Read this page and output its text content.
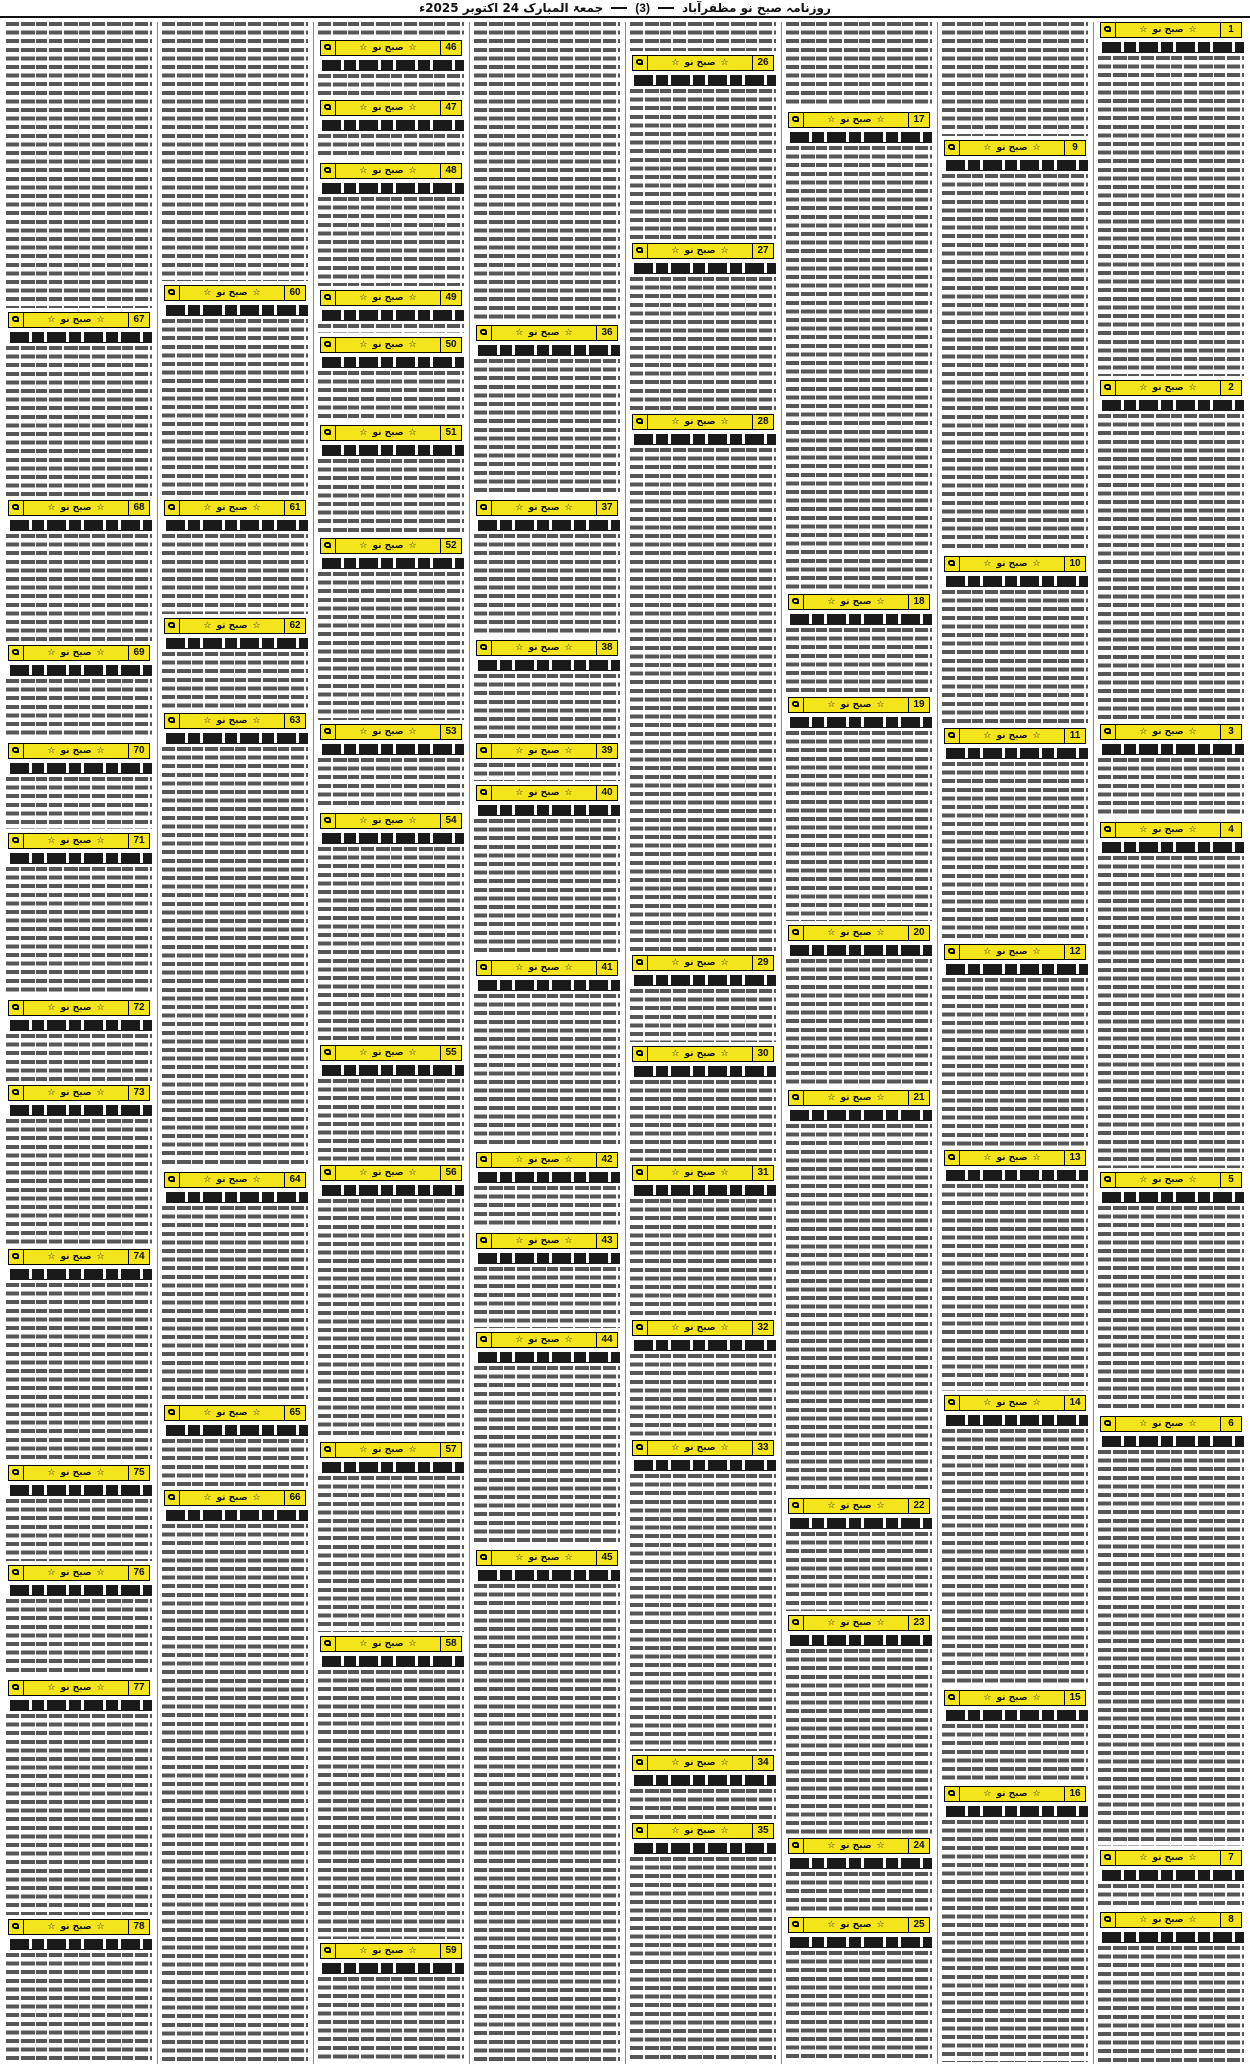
روزنامہ صبح نو مظفرآباد
(3)
جمعۃ المبارک 24 اکتوبر 2025ء
1
☆
صبح نو
☆
2
☆
صبح نو
☆
3
☆
صبح نو
☆
4
☆
صبح نو
☆
5
☆
صبح نو
☆
6
☆
صبح نو
☆
7
☆
صبح نو
☆
8
☆
صبح نو
☆
9
☆
صبح نو
☆
10
☆
صبح نو
☆
11
☆
صبح نو
☆
12
☆
صبح نو
☆
13
☆
صبح نو
☆
14
☆
صبح نو
☆
15
☆
صبح نو
☆
16
☆
صبح نو
☆
17
☆
صبح نو
☆
18
☆
صبح نو
☆
19
☆
صبح نو
☆
20
☆
صبح نو
☆
21
☆
صبح نو
☆
22
☆
صبح نو
☆
23
☆
صبح نو
☆
24
☆
صبح نو
☆
25
☆
صبح نو
☆
26
☆
صبح نو
☆
27
☆
صبح نو
☆
28
☆
صبح نو
☆
29
☆
صبح نو
☆
30
☆
صبح نو
☆
31
☆
صبح نو
☆
32
☆
صبح نو
☆
33
☆
صبح نو
☆
34
☆
صبح نو
☆
35
☆
صبح نو
☆
36
☆
صبح نو
☆
37
☆
صبح نو
☆
38
☆
صبح نو
☆
39
☆
صبح نو
☆
40
☆
صبح نو
☆
41
☆
صبح نو
☆
42
☆
صبح نو
☆
43
☆
صبح نو
☆
44
☆
صبح نو
☆
45
☆
صبح نو
☆
46
☆
صبح نو
☆
47
☆
صبح نو
☆
48
☆
صبح نو
☆
49
☆
صبح نو
☆
50
☆
صبح نو
☆
51
☆
صبح نو
☆
52
☆
صبح نو
☆
53
☆
صبح نو
☆
54
☆
صبح نو
☆
55
☆
صبح نو
☆
56
☆
صبح نو
☆
57
☆
صبح نو
☆
58
☆
صبح نو
☆
59
☆
صبح نو
☆
60
☆
صبح نو
☆
61
☆
صبح نو
☆
62
☆
صبح نو
☆
63
☆
صبح نو
☆
64
☆
صبح نو
☆
65
☆
صبح نو
☆
66
☆
صبح نو
☆
67
☆
صبح نو
☆
68
☆
صبح نو
☆
69
☆
صبح نو
☆
70
☆
صبح نو
☆
71
☆
صبح نو
☆
72
☆
صبح نو
☆
73
☆
صبح نو
☆
74
☆
صبح نو
☆
75
☆
صبح نو
☆
76
☆
صبح نو
☆
77
☆
صبح نو
☆
78
☆
صبح نو
☆
